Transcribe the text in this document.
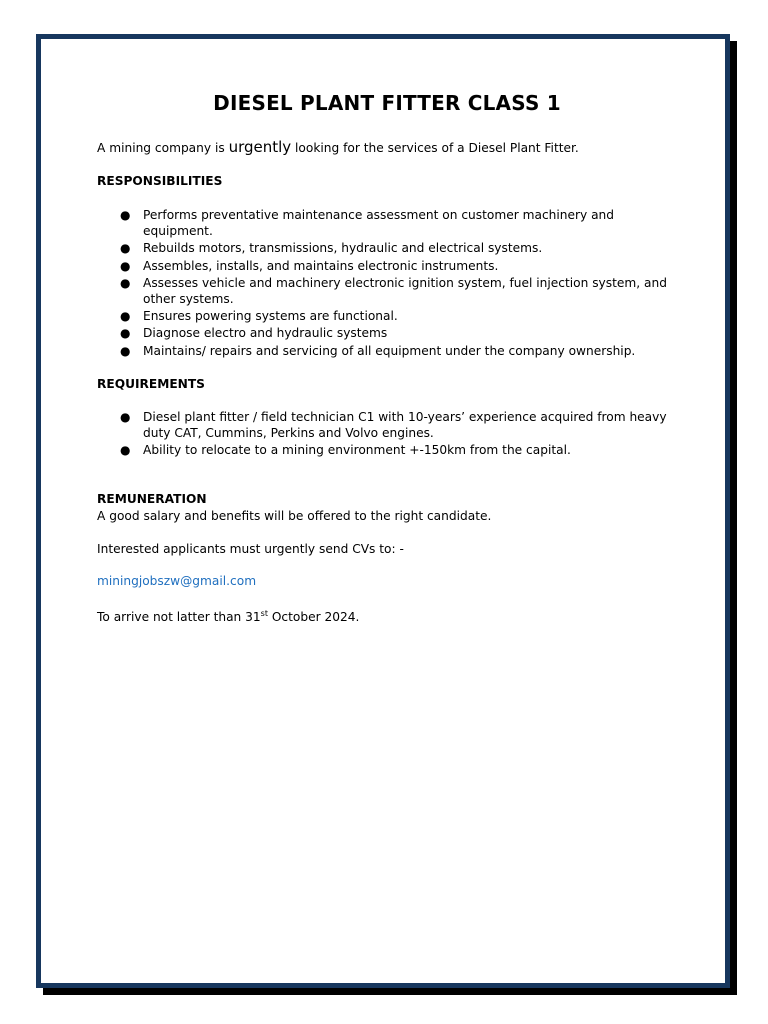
DIESEL PLANT FITTER CLASS 1

A mining company is urgently looking for the services of a Diesel Plant Fitter.

RESPONSIBILITIES
● Performs preventative maintenance assessment on customer machinery and equipment.
● Rebuilds motors, transmissions, hydraulic and electrical systems.
● Assembles, installs, and maintains electronic instruments.
● Assesses vehicle and machinery electronic ignition system, fuel injection system, and other systems.
● Ensures powering systems are functional.
● Diagnose electro and hydraulic systems
● Maintains/ repairs and servicing of all equipment under the company ownership.
REQUIREMENTS
● Diesel plant fitter / field technician C1 with 10-years’ experience acquired from heavy duty CAT, Cummins, Perkins and Volvo engines.
● Ability to relocate to a mining environment +-150km from the capital.
REMUNERATION

A good salary and benefits will be offered to the right candidate.

Interested applicants must urgently send CVs to: -

miningjobszw@gmail.com

To arrive not latter than 31st October 2024.
